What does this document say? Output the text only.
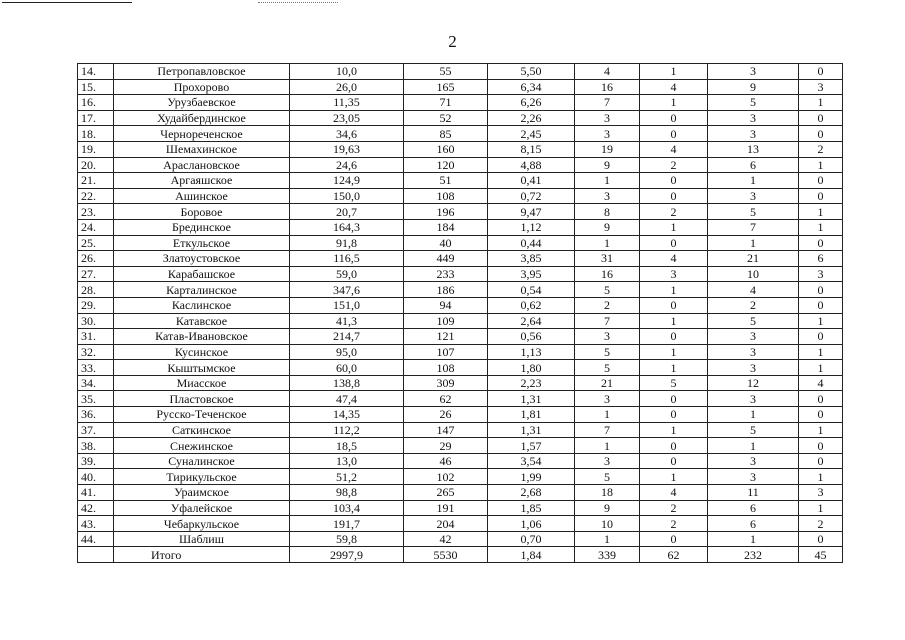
2
14.	Петропавловское	10,0	55	5,50	4	1	3	0
15.	Прохорово	26,0	165	6,34	16	4	9	3
16.	Урузбаевское	11,35	71	6,26	7	1	5	1
17.	Худайбердинское	23,05	52	2,26	3	0	3	0
18.	Чернореченское	34,6	85	2,45	3	0	3	0
19.	Шемахинское	19,63	160	8,15	19	4	13	2
20.	Араслановское	24,6	120	4,88	9	2	6	1
21.	Аргаяшское	124,9	51	0,41	1	0	1	0
22.	Ашинское	150,0	108	0,72	3	0	3	0
23.	Боровое	20,7	196	9,47	8	2	5	1
24.	Брединское	164,3	184	1,12	9	1	7	1
25.	Еткульское	91,8	40	0,44	1	0	1	0
26.	Златоустовское	116,5	449	3,85	31	4	21	6
27.	Карабашское	59,0	233	3,95	16	3	10	3
28.	Карталинское	347,6	186	0,54	5	1	4	0
29.	Каслинское	151,0	94	0,62	2	0	2	0
30.	Катавское	41,3	109	2,64	7	1	5	1
31.	Катав-Ивановское	214,7	121	0,56	3	0	3	0
32.	Кусинское	95,0	107	1,13	5	1	3	1
33.	Кыштымское	60,0	108	1,80	5	1	3	1
34.	Миасское	138,8	309	2,23	21	5	12	4
35.	Пластовское	47,4	62	1,31	3	0	3	0
36.	Русско-Теченское	14,35	26	1,81	1	0	1	0
37.	Саткинское	112,2	147	1,31	7	1	5	1
38.	Снежинское	18,5	29	1,57	1	0	1	0
39.	Суналинское	13,0	46	3,54	3	0	3	0
40.	Тирикульское	51,2	102	1,99	5	1	3	1
41.	Ураимское	98,8	265	2,68	18	4	11	3
42.	Уфалейское	103,4	191	1,85	9	2	6	1
43.	Чебаркульское	191,7	204	1,06	10	2	6	2
44.	Шаблиш	59,8	42	0,70	1	0	1	0
	Итого	2997,9	5530	1,84	339	62	232	45
